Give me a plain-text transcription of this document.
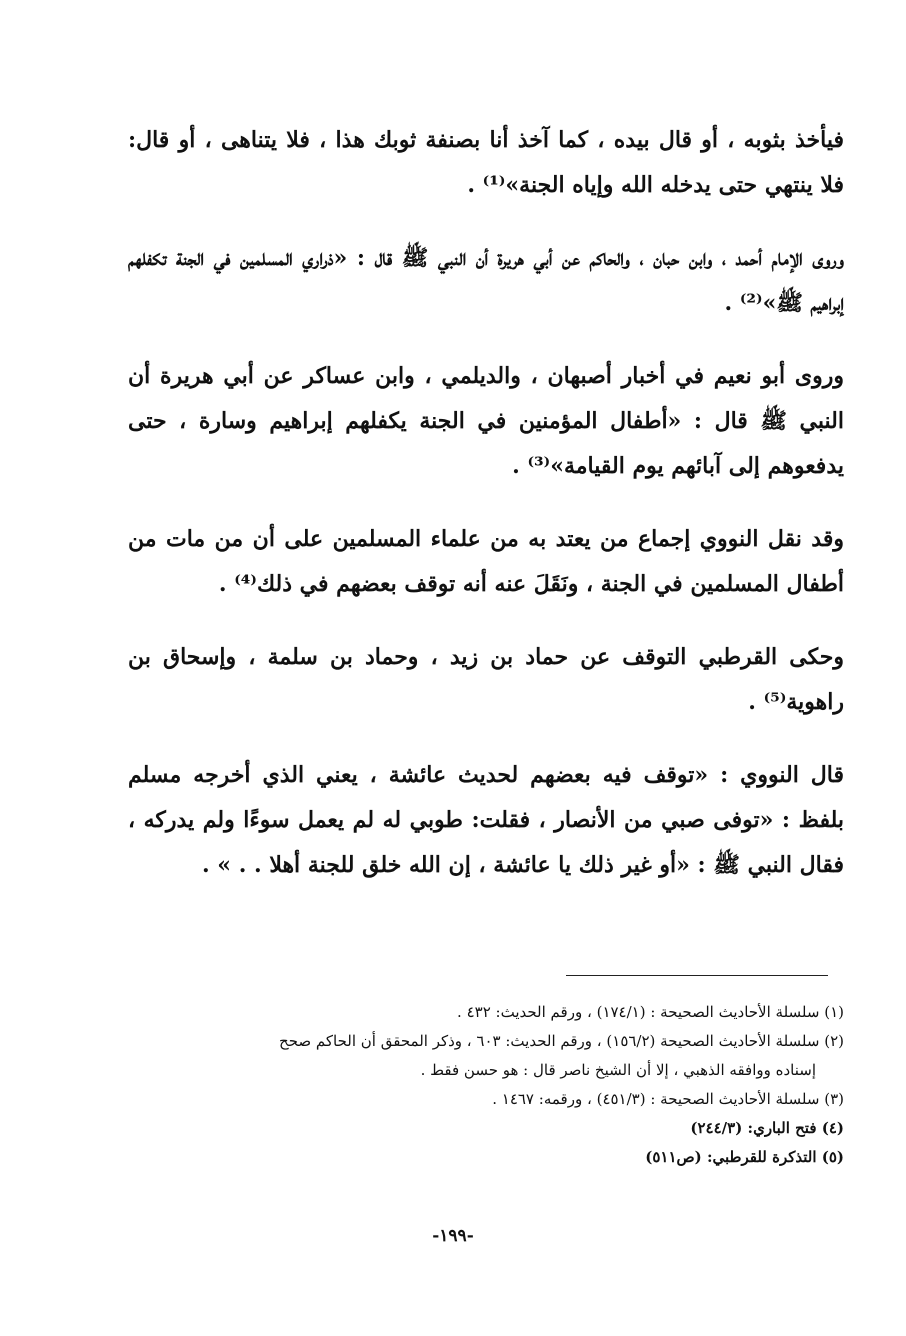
فيأخذ بثوبه ، أو قال بيده ، كما آخذ أنا بصنفة ثوبك هذا ، فلا يتناهى ، أو قال: فلا ينتهي حتى يدخله الله وإياه الجنة»⁽¹⁾ .

وروى الإمام أحمد ، وابن حبان ، والحاكم عن أبي هريرة أن النبي ﷺ قال : «ذراري المسلمين في الجنة تكفلهم إبراهيم ﷺ»⁽²⁾ .

وروى أبو نعيم في أخبار أصبهان ، والديلمي ، وابن عساكر عن أبي هريرة أن النبي ﷺ قال : «أطفال المؤمنين في الجنة يكفلهم إبراهيم وسارة ، حتى يدفعوهم إلى آبائهم يوم القيامة»⁽³⁾ .

وقد نقل النووي إجماع من يعتد به من علماء المسلمين على أن من مات من أطفال المسلمين في الجنة ، ونَقَلَ عنه أنه توقف بعضهم في ذلك⁽⁴⁾ .

وحكى القرطبي التوقف عن حماد بن زيد ، وحماد بن سلمة ، وإسحاق بن راهوية⁽⁵⁾ .

قال النووي : «توقف فيه بعضهم لحديث عائشة ، يعني الذي أخرجه مسلم بلفظ : «توفى صبي من الأنصار ، فقلت: طوبي له لم يعمل سوءًا ولم يدركه ، فقال النبي ﷺ : «أو غير ذلك يا عائشة ، إن الله خلق للجنة أهلا . . » .

(١) سلسلة الأحاديث الصحيحة : (١٧٤/١) ، ورقم الحديث: ٤٣٢ .

(٢) سلسلة الأحاديث الصحيحة (١٥٦/٢) ، ورقم الحديث: ٦٠٣ ، وذكر المحقق أن الحاكم صحح

إسناده ووافقه الذهبي ، إلا أن الشيخ ناصر قال : هو حسن فقط .

(٣) سلسلة الأحاديث الصحيحة : (٤٥١/٣) ، ورقمه: ١٤٦٧ .

(٤) فتح الباري: (٢٤٤/٣)

(٥) التذكرة للقرطبي: (ص٥١١)

-١٩٩-
